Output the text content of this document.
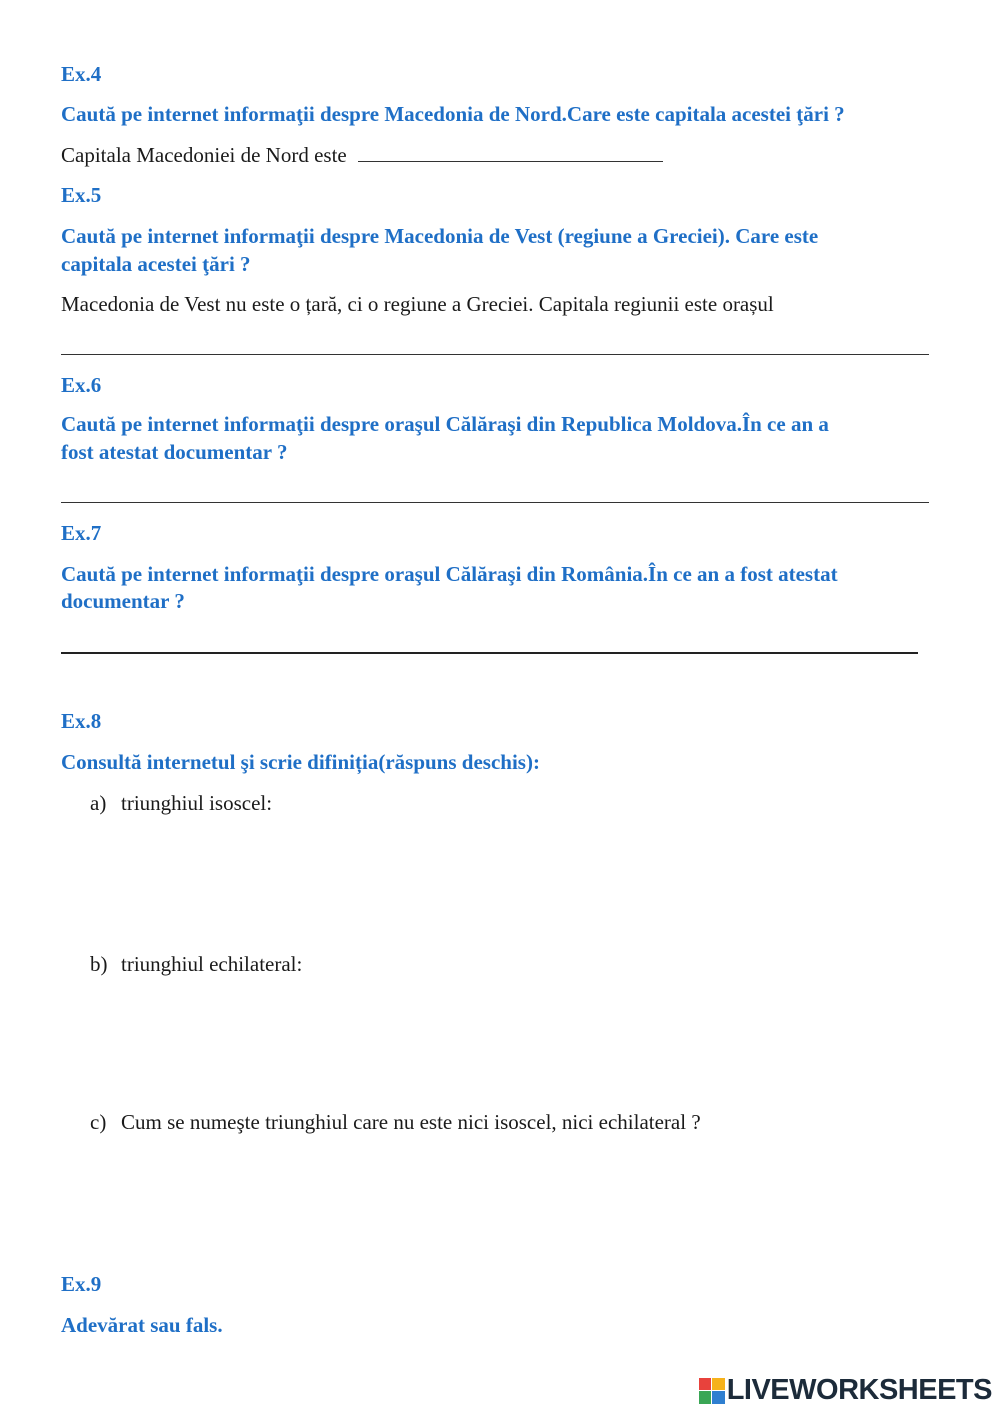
Ex.4
Caută pe internet informaţii despre Macedonia de Nord.Care este capitala acestei ţări ?
Capitala Macedoniei de Nord este
Ex.5
Caută pe internet informaţii despre Macedonia de Vest (regiune a Greciei). Care este
capitala acestei ţări ?
Macedonia de Vest nu este o țară, ci o regiune a Greciei. Capitala regiunii este orașul
Ex.6
Caută pe internet informaţii despre oraşul Călăraşi din Republica Moldova.În ce an a
fost atestat documentar ?
Ex.7
Caută pe internet informaţii despre oraşul Călăraşi din România.În ce an a fost atestat
documentar ?
Ex.8
Consultă internetul şi scrie difiniția(răspuns deschis):
a) triunghiul isoscel:
b) triunghiul echilateral:
c) Cum se numeşte triunghiul care nu este nici isoscel, nici echilateral ?
Ex.9
Adevărat sau fals.
LIVEWORKSHEETS
